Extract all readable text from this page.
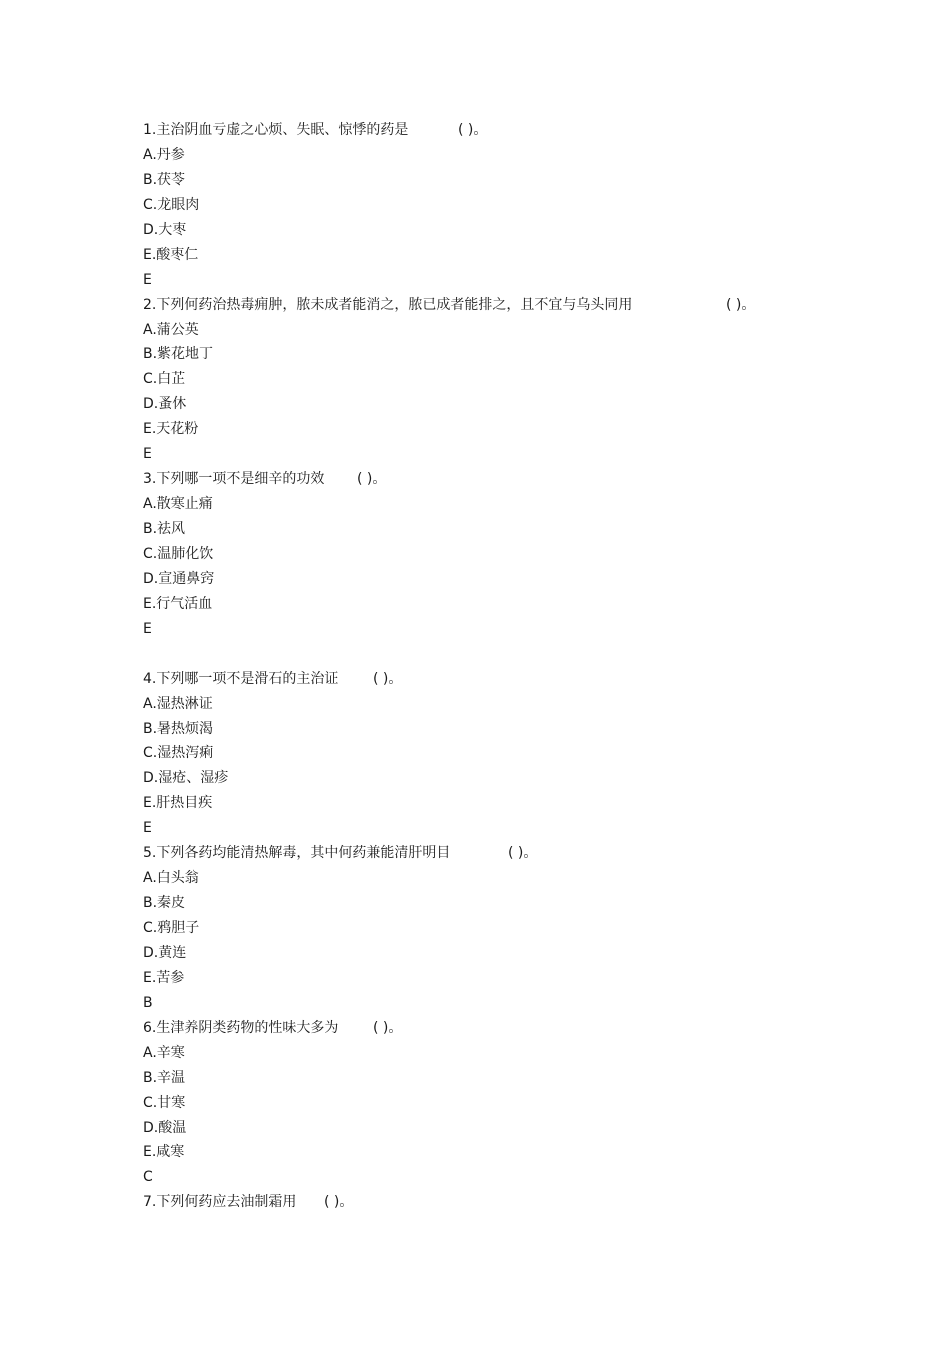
1.主治阴血亏虚之心烦、失眠、惊悸的药是	( )。
A.丹参
B.茯苓
C.龙眼肉
D.大枣
E.酸枣仁
E
2.下列何药治热毒痈肿，脓未成者能消之，脓已成者能排之，且不宜与乌头同用	( )。
A.蒲公英
B.紫花地丁
C.白芷
D.蚤休
E.天花粉
E
3.下列哪一项不是细辛的功效 ( )。
A.散寒止痛
B.祛风
C.温肺化饮
D.宣通鼻窍
E.行气活血
E
4.下列哪一项不是滑石的主治证 ( )。
A.湿热淋证
B.暑热烦渴
C.湿热泻痢
D.湿疮、湿疹
E.肝热目疾
E
5.下列各药均能清热解毒，其中何药兼能清肝明目	( )。
A.白头翁
B.秦皮
C.鸦胆子
D.黄连
E.苦参
B
6.生津养阴类药物的性味大多为 ( )。
A.辛寒
B.辛温
C.甘寒
D.酸温
E.咸寒
C
7.下列何药应去油制霜用 ( )。
